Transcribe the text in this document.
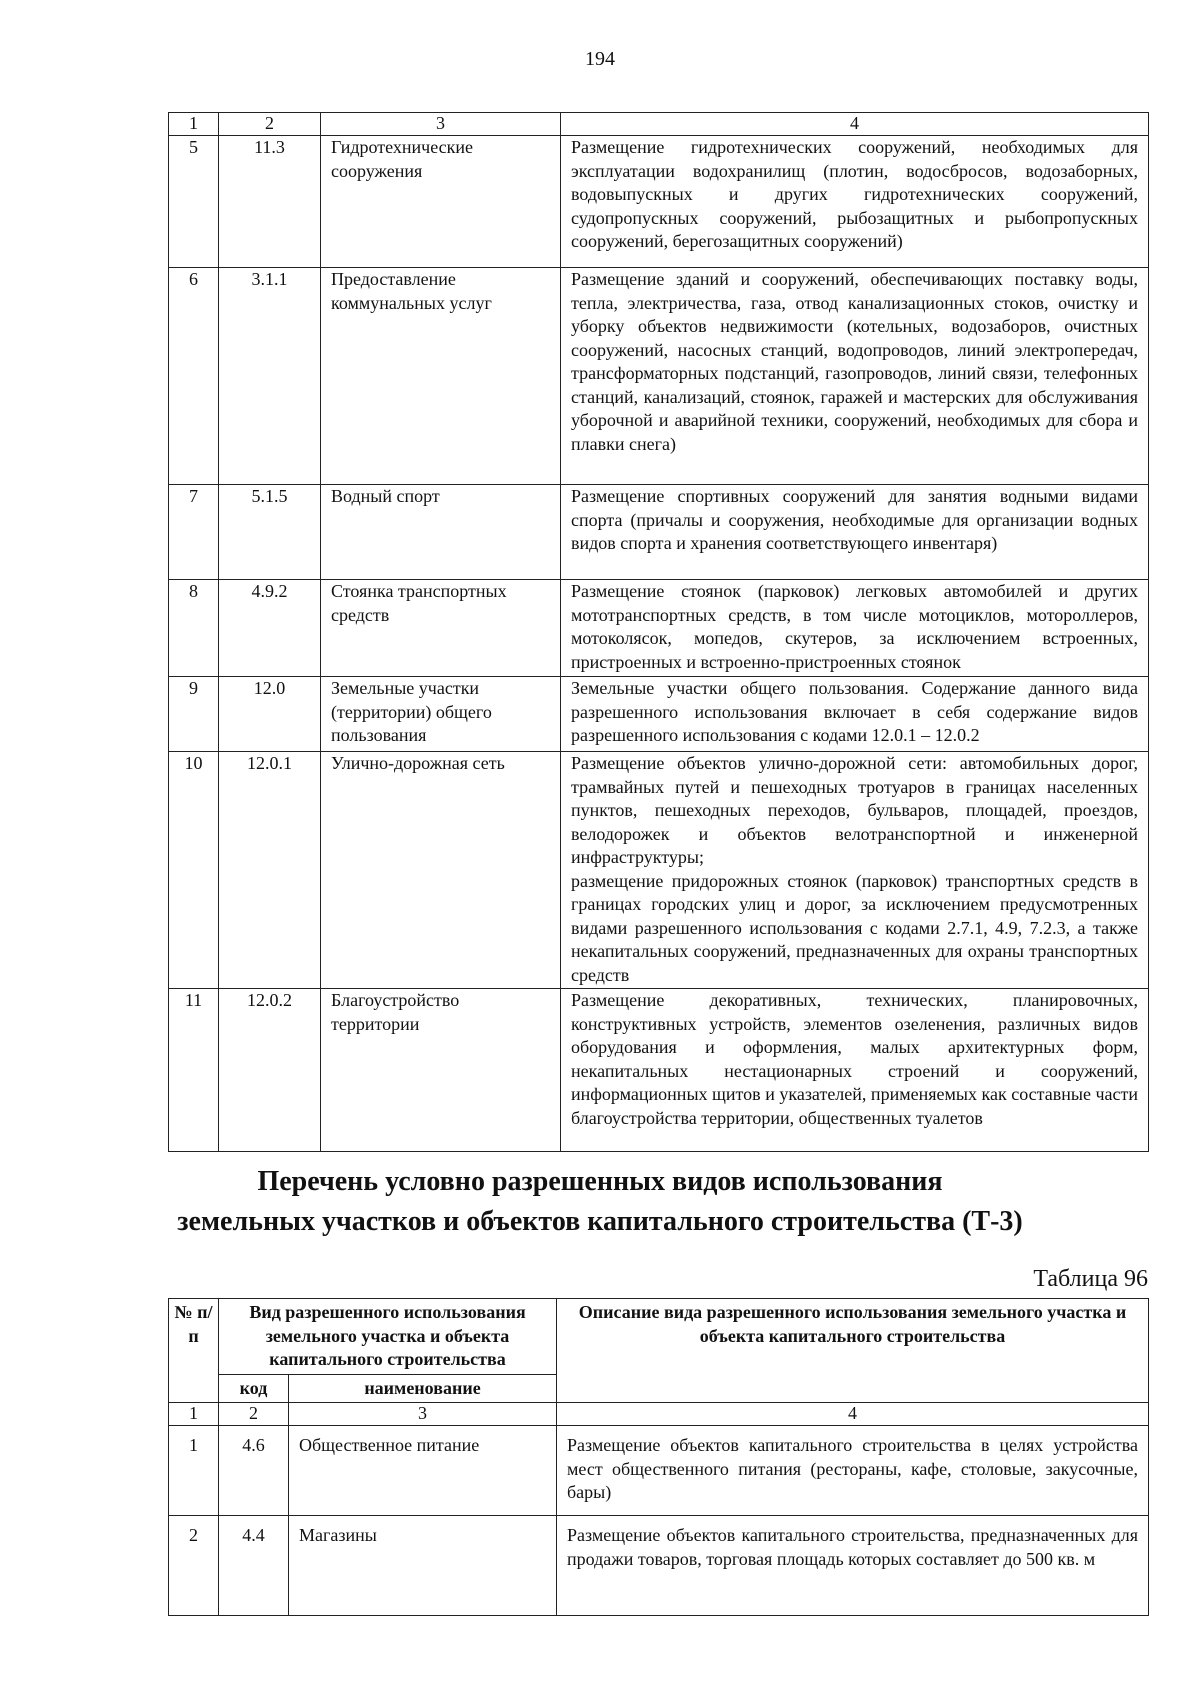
194
1	2	3	4
5	11.3	Гидротехнические сооружения	Размещение гидротехнических сооружений, необходимых для эксплуатации водохранилищ (плотин, водосбросов, водозаборных, водовыпускных и других гидротехнических сооружений, судопропускных сооружений, рыбозащитных и рыбопропускных сооружений, берегозащитных сооружений)
6	3.1.1	Предоставление коммунальных услуг	Размещение зданий и сооружений, обеспечивающих поставку воды, тепла, электричества, газа, отвод канализационных стоков, очистку и уборку объектов недвижимости (котельных, водозаборов, очистных сооружений, насосных станций, водопроводов, линий электропередач, трансформаторных подстанций, газопроводов, линий связи, телефонных станций, канализаций, стоянок, гаражей и мастерских для обслуживания уборочной и аварийной техники, сооружений, необходимых для сбора и плавки снега)
7	5.1.5	Водный спорт	Размещение спортивных сооружений для занятия водными видами спорта (причалы и сооружения, необходимые для организации водных видов спорта и хранения соответствующего инвентаря)
8	4.9.2	Стоянка транспортных средств	Размещение стоянок (парковок) легковых автомобилей и других мототранспортных средств, в том числе мотоциклов, мотороллеров, мотоколясок, мопедов, скутеров, за исключением встроенных, пристроенных и встроенно-пристроенных стоянок
9	12.0	Земельные участки (территории) общего пользования	Земельные участки общего пользования. Содержание данного вида разрешенного использования включает в себя содержание видов разрешенного использования с кодами 12.0.1 – 12.0.2
10	12.0.1	Улично-дорожная сеть	Размещение объектов улично-дорожной сети: автомобильных дорог, трамвайных путей и пешеходных тротуаров в границах населенных пунктов, пешеходных переходов, бульваров, площадей, проездов, велодорожек и объектов велотранспортной и инженерной инфраструктуры;
размещение придорожных стоянок (парковок) транспортных средств в границах городских улиц и дорог, за исключением предусмотренных видами разрешенного использования с кодами 2.7.1, 4.9, 7.2.3, а также некапитальных сооружений, предназначенных для охраны транспортных средств

11	12.0.2	Благоустройство территории	Размещение декоративных, технических, планировочных, конструктивных устройств, элементов озеленения, различных видов оборудования и оформления, малых архитектурных форм, некапитальных нестационарных строений и сооружений, информационных щитов и указателей, применяемых как составные части благоустройства территории, общественных туалетов
Перечень условно разрешенных видов использования
земельных участков и объектов капитального строительства (Т-3)
Таблица 96
№ п/п	Вид разрешенного использования земельного участка и объекта капитального строительства		Описание вида разрешенного использования земельного участка и объекта капитального строительства
	код	наименование	
1	2	3	4
1	4.6	Общественное питание	Размещение объектов капитального строительства в целях устройства мест общественного питания (рестораны, кафе, столовые, закусочные, бары)
2	4.4	Магазины	Размещение объектов капитального строительства, предназначенных для продажи товаров, торговая площадь которых составляет до 500 кв. м
